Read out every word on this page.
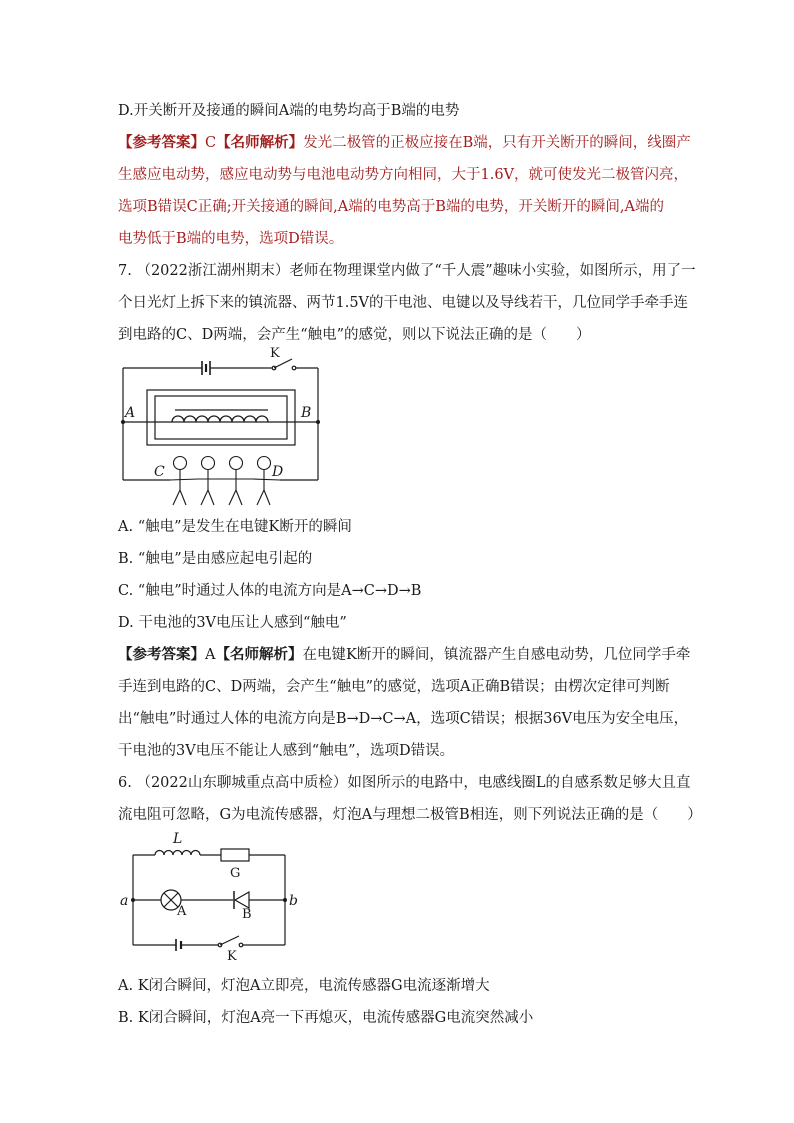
D.开关断开及接通的瞬间A端的电势均高于B端的电势
【参考答案】C【名师解析】发光二极管的正极应接在B端，只有开关断开的瞬间，线圈产
生感应电动势，感应电动势与电池电动势方向相同，大于1.6V，就可使发光二极管闪亮，
选项B错误C正确;开关接通的瞬间,A端的电势高于B端的电势，开关断开的瞬间,A端的
电势低于B端的电势，选项D错误。
7. （2022浙江湖州期末）老师在物理课堂内做了“千人震”趣味小实验，如图所示，用了一
个日光灯上拆下来的镇流器、两节1.5V的干电池、电键以及导线若干，几位同学手牵手连
到电路的C、D两端，会产生“触电”的感觉，则以下说法正确的是（　　）
K
A	B
C	D
A. “触电”是发生在电键K断开的瞬间
B. “触电”是由感应起电引起的
C. “触电”时通过人体的电流方向是A→C→D→B
D. 干电池的3V电压让人感到“触电”
【参考答案】A【名师解析】在电键K断开的瞬间，镇流器产生自感电动势，几位同学手牵
手连到电路的C、D两端，会产生“触电”的感觉，选项A正确B错误；由楞次定律可判断
出“触电”时通过人体的电流方向是B→D→C→A，选项C错误；根据36V电压为安全电压，
干电池的3V电压不能让人感到“触电”，选项D错误。
6. （2022山东聊城重点高中质检）如图所示的电路中，电感线圈L的自感系数足够大且直
流电阻可忽略，G为电流传感器，灯泡A与理想二极管B相连，则下列说法正确的是（　　）
L
G
a	b
A	B
K
A. K闭合瞬间，灯泡A立即亮，电流传感器G电流逐渐增大
B. K闭合瞬间，灯泡A亮一下再熄灭，电流传感器G电流突然减小
